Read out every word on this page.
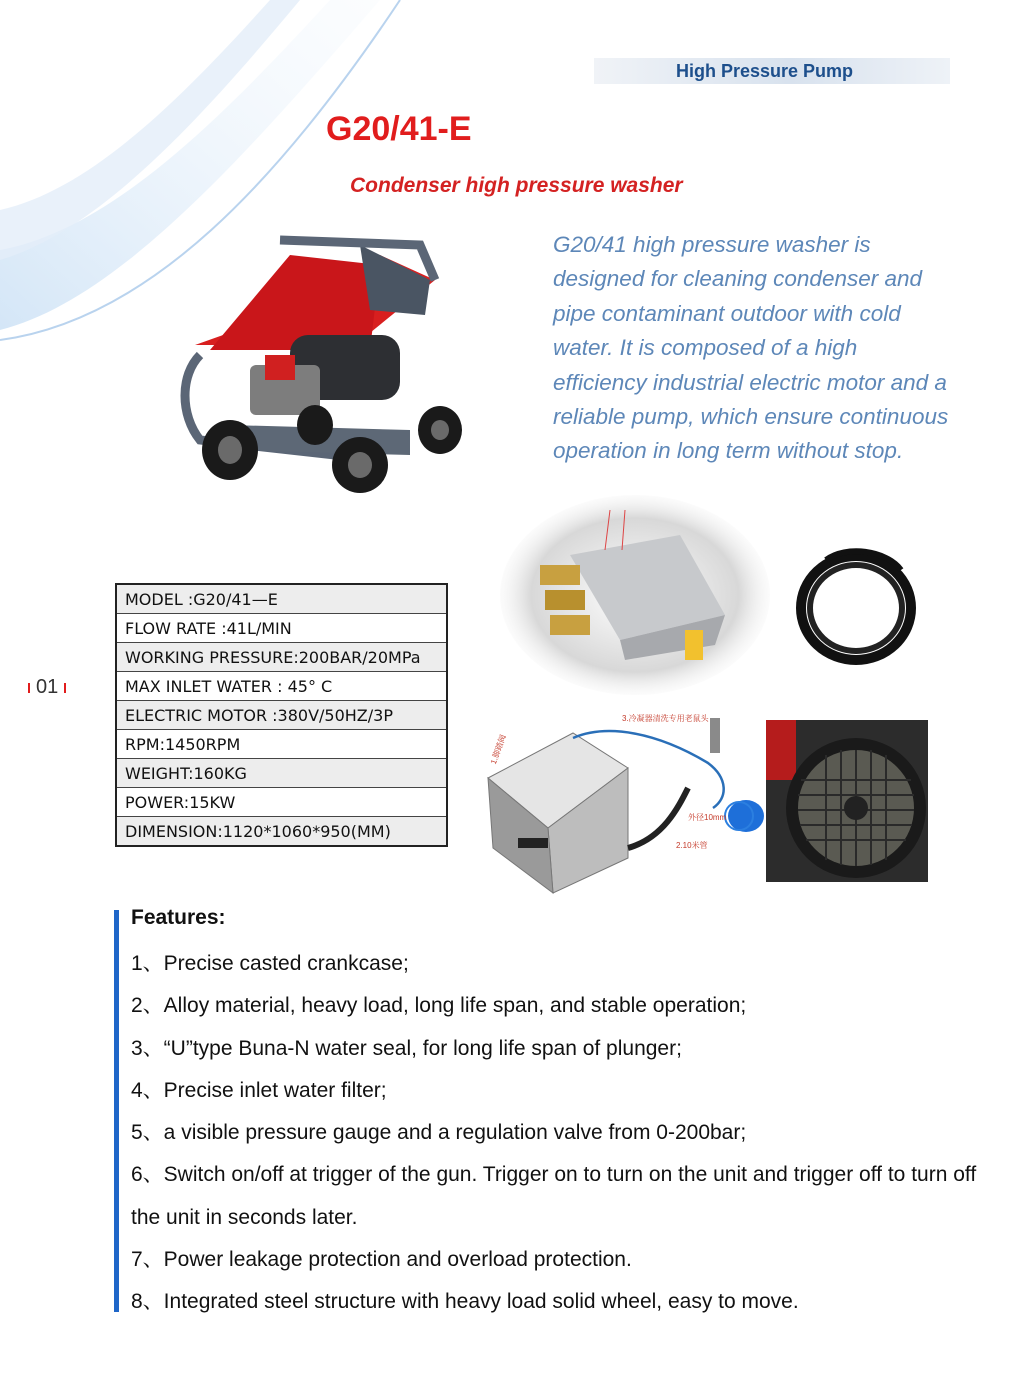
High Pressure Pump
G20/41-E
Condenser high pressure washer

G20/41 high pressure washer is designed for cleaning condenser and pipe contaminant outdoor with cold water. It is composed of a high efficiency industrial electric motor and a reliable pump, which ensure continuous operation in long term without stop.

3.冷凝器清洗专用老鼠头
1.脚踏阀
外径10mm
2.10米管
MODEL :G20/41—E
FLOW RATE :41L/MIN
WORKING PRESSURE:200BAR/20MPa
MAX INLET WATER : 45° C
ELECTRIC MOTOR :380V/50HZ/3P
RPM:1450RPM
WEIGHT:160KG
POWER:15KW
DIMENSION:1120*1060*950(MM)
01
Features:
1、Precise casted crankcase;
2、Alloy material, heavy load, long life span, and stable operation;
3、“U”type Buna-N water seal, for long life span of plunger;
4、Precise inlet water filter;
5、a visible pressure gauge and a regulation valve from 0-200bar;
6、Switch on/off at trigger of the gun. Trigger on to turn on the unit and trigger off to turn off the unit in seconds later.
7、Power leakage protection and overload protection.
8、Integrated steel structure with heavy load solid wheel, easy to move.
